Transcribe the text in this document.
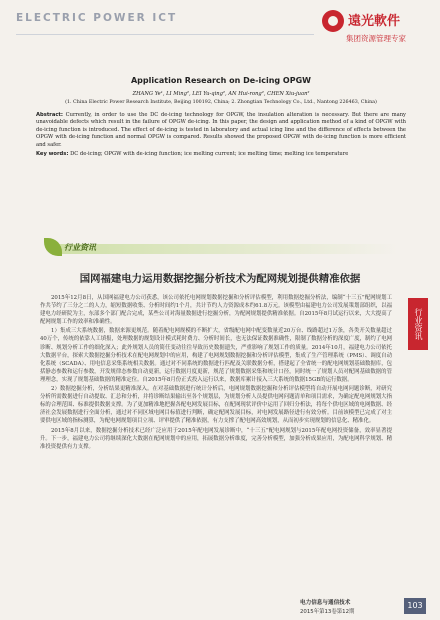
ELECTRIC POWER ICT	遠光軟件
集团资源管理专家
Application Research on De-icing OPGW
ZHANG Ye¹, LI Ming², LEI Yu-qing², AN Hui-rong², CHEN Xiu-juan²
(1. China Electric Power Research Institute, Beijing 100192, China; 2. Zhongtian Technology Co., Ltd., Nantong 226463, China)
Abstract: Currently, in order to use the DC de-icing technology for OPGW, the insulation alteration is necessary. But there are many unavoidable defects which result in the failure of OPGW de-icing. In this paper, the design and application method of a kind of OPGW with de-icing function is introduced. The effect of de-icing is tested in laboratory and actual icing line and the difference of effects between the OPGW with de-icing function and normal OPGW is compared. Results showed the proposed OPGW with de-icing function is more efficient and safer.
Key words: DC de-icing; OPGW with de-icing function; ice melting current; ice melting time; melting ice temperature
行业资讯
国网福建电力运用数据挖掘分析技术为配网规划提供精准依据

2015年12月8日，从国网福建电力公司获悉，该公司依托电网规划数据挖掘和分析评估模型，利用数据挖掘分析法，编制“十三五”配网规划工作共节约了三分之二的人力，缩短数据收集、分析时间约1个月，共计节约人力资源成本约61.8万元。该模型由福建电力公司发展策划部组织，以福建电力经研院为主，东部多个部门配合完成，某些公司对海量数据进行挖掘分析，为配网规划提供精准依据。自2015年8月试运行以来，大大提高了配网规划工作的效率和准确性。

1）集成三大系统数据，数据来源更规范。随着配电网规模的不断扩大，省级配电网中配变数量近20万台、线路超过1万条，各类开关数量超过40万个，传统的依靠人工填报，处理数据的规划设计模式耗时费力、分析时间长，也无法保证数据准确性，限制了数据分析的深度广度，制约了电网诊断、规划分析工作的细化深入；此外规划人员的简任变动往往导致历史数据遗失，严重影响了规划工作的质量。2014年10月，福建电力公司依托大数据平台，探索大数据挖掘分析技术在配电网规划中的应用，构建了电网规划数据挖掘和分析评估模型，集成了生产管理系统（PMS）、调度自动化系统（SCADA）、用电信息采集系统相关数据。通过对不同系统的数据进行匹配及关联数据分析，搭建起了全省统一的配电网规划基础数据库，包括静态参数和运行参数，开发规律态参数自动更新，运行数据月度更新，规范了规划数据采集和统计口径，同时统一了规划人员对配网基础数据的管理理念，实现了规划基础数据的精准定位。自2015年8月份正式投入运行以来，数据库累计接入三大系统的数据15GB的运行数据。

2）数据挖掘分析，分析结果更精准深入。在对基础数据进行统计分析后，电网规划数据挖掘和分析评估模型将自动开展电网问题诊断，对研究分析所需数据进行自动提取、汇总和分析，并将诊断结果输出至各个规划层，为规划分析人员提供电网问题清单和项目需求，为确定配电网规划大指标的合理范围、标准提供数据支撑。为了更加精准地把握各配电网发展目标，在配网现状评价中运用了回归分析法，将每个供电区域的电网数据、经济社会发展数据进行全面分析，通过对不同区域电网目标值进行判断，确定配网发展目标，对电网发展路径进行有效分析。目前该模型已完成了对主要供电区域的指标测算，为配电网规划项目立项、评审提供了精准依据，有力支撑了配电网高效规划，从而初步实现规划的信息化、精准化。

2015年8月以来，数据挖掘分析技术已经广泛应用于2015年配电网发展诊断中，“十三五”配电网规划与2015年配电网投资储备，效率显著提升。下一步，福建电力公司将继续深化大数据在配网规划中的应用，拓展数据分析维度，完善分析模型，加强分析成果应用，为配电网科学规划、精准投资提供有力支撑。

行业资讯
电力信息与通信技术
2015年第13卷第12期
103
